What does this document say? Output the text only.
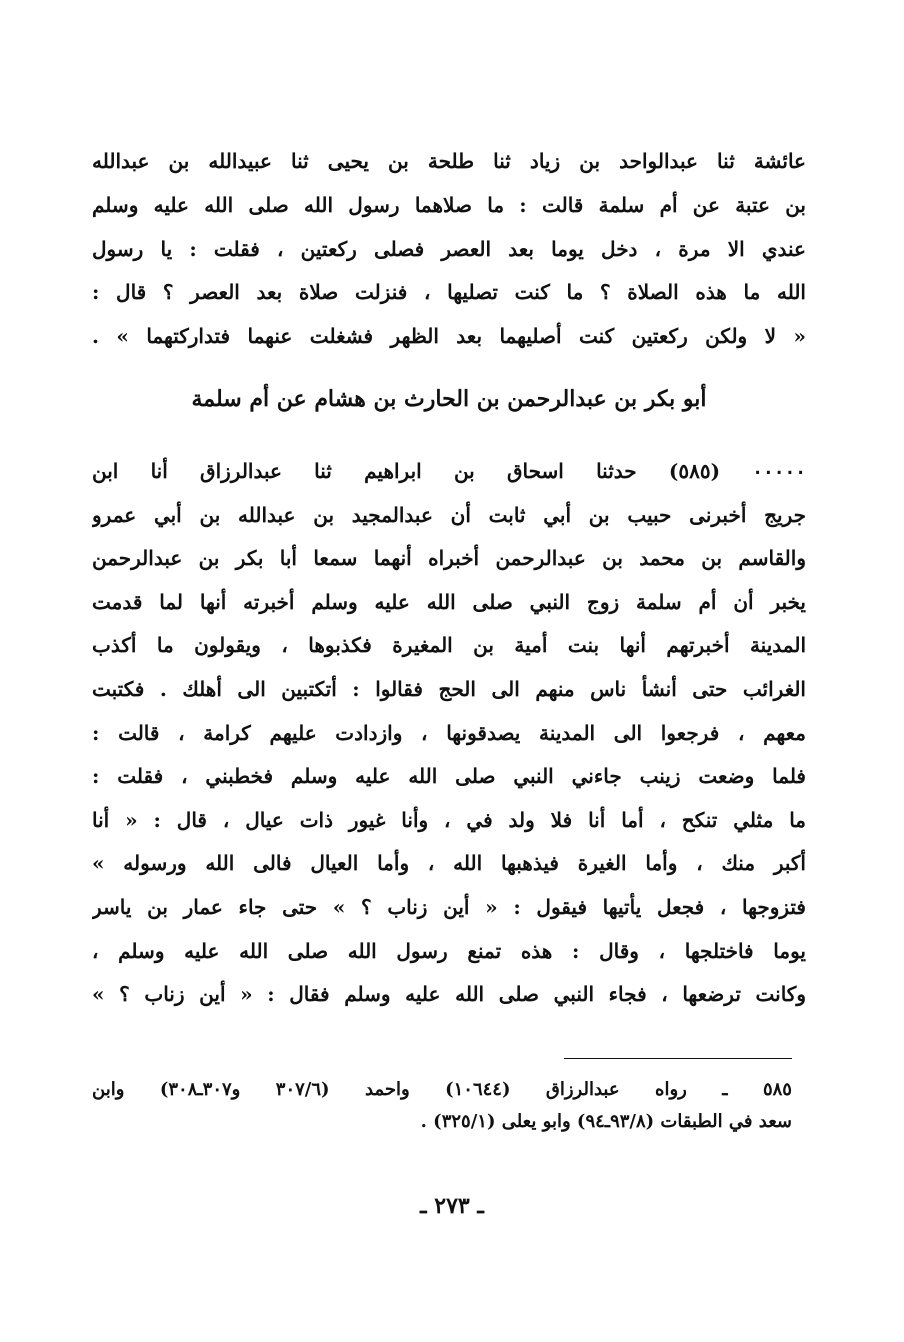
عائشة ثنا عبدالواحد بن زياد ثنا طلحة بن يحيى ثنا عبيدالله بن عبدالله
بن عتبة عن أم سلمة قالت : ما صلاهما رسول الله صلى الله عليه وسلم
عندي الا مرة ، دخل يوما بعد العصر فصلى ركعتين ، فقلت : يا رسول
الله ما هذه الصلاة ؟ ما كنت تصليها ، فنزلت صلاة بعد العصر ؟ قال :
« لا ولكن ركعتين كنت أصليهما بعد الظهر فشغلت عنهما فتداركتهما » .
أبو بكر بن عبدالرحمن بن الحارث بن هشام عن أم سلمة
٠٠٠٠٠ (٥٨٥) حدثنا اسحاق بن ابراهيم ثنا عبدالرزاق أنا ابن
جريج أخبرنى حبيب بن أبي ثابت أن عبدالمجيد بن عبدالله بن أبي عمرو
والقاسم بن محمد بن عبدالرحمن أخبراه أنهما سمعا أبا بكر بن عبدالرحمن
يخبر أن أم سلمة زوج النبي صلى الله عليه وسلم أخبرته أنها لما قدمت
المدينة أخبرتهم أنها بنت أمية بن المغيرة فكذبوها ، ويقولون ما أكذب
الغرائب حتى أنشأ ناس منهم الى الحج فقالوا : أتكتبين الى أهلك . فكتبت
معهم ، فرجعوا الى المدينة يصدقونها ، وازدادت عليهم كرامة ، قالت :
فلما وضعت زينب جاءني النبي صلى الله عليه وسلم فخطبني ، فقلت :
ما مثلي تنكح ، أما أنا فلا ولد في ، وأنا غيور ذات عيال ، قال : « أنا
أكبر منك ، وأما الغيرة فيذهبها الله ، وأما العيال فالى الله ورسوله »
فتزوجها ، فجعل يأتيها فيقول : « أين زناب ؟ » حتى جاء عمار بن ياسر
يوما فاختلجها ، وقال : هذه تمنع رسول الله صلى الله عليه وسلم ،
وكانت ترضعها ، فجاء النبي صلى الله عليه وسلم فقال : « أين زناب ؟ »
٥٨٥ ـ رواه عبدالرزاق (١٠٦٤٤) واحمد (٣٠٧/٦ و٣٠٧ـ٣٠٨) وابن
سعد في الطبقات (٩٣/٨ـ٩٤) وابو يعلى (٣٢٥/١) .
ـ ٢٧٣ ـ
